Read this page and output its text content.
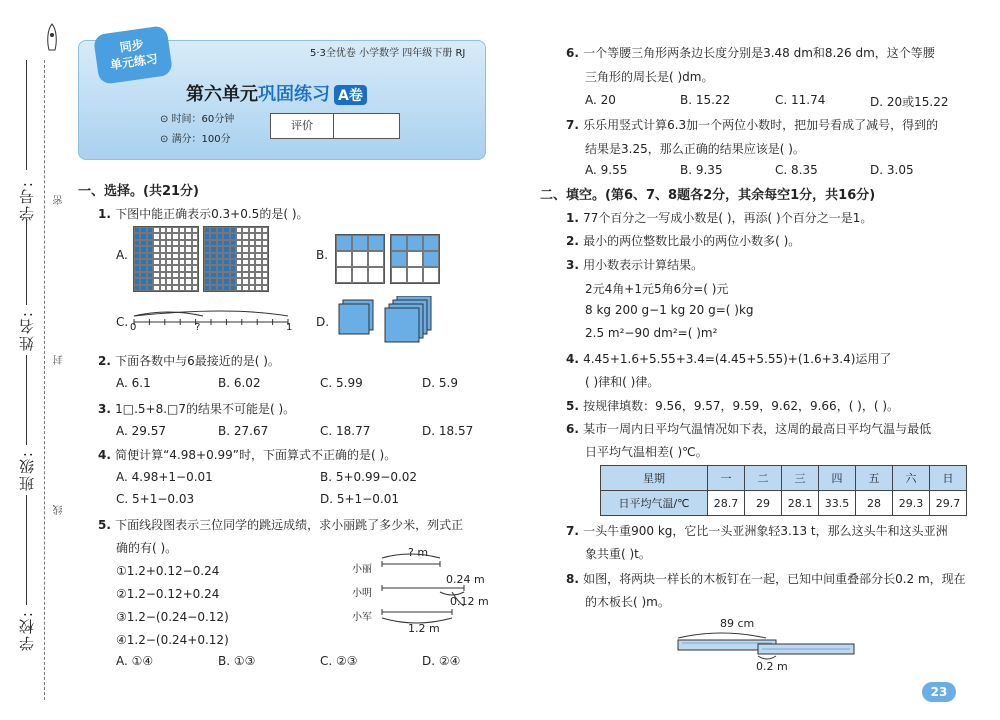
学号:
姓名:
班级:
学校:
密
封
线
同步
单元练习	5·3全优卷 小学数学 四年级下册 RJ
第六单元巩固练习 A卷
⊙ 时间：60分钟
⊙ 满分：100分
评价
一、选择。(共21分)
1. 下图中能正确表示0.3+0.5的是( )。
A.	B.
C. 0	?	1 D.
2. 下面各数中与6最接近的是( )。
A. 6.1	B. 6.02	C. 5.99	D. 5.9
3. 1□.5+8.□7的结果不可能是( )。
A. 29.57	B. 27.67	C. 18.77	D. 18.57
4. 简便计算“4.98+0.99”时，下面算式不正确的是( )。
A. 4.98+1−0.01	B. 5+0.99−0.02
C. 5+1−0.03	D. 5+1−0.01
5. 下面线段图表示三位同学的跳远成绩，求小丽跳了多少米，列式正
确的有( )。
①1.2+0.12−0.24
②1.2−0.12+0.24
③1.2−(0.24−0.12)
④1.2−(0.24+0.12)
小丽
小明
小军
? m
0.24 m
0.12 m
1.2 m
A. ①④	B. ①③	C. ②③	D. ②④
6. 一个等腰三角形两条边长度分别是3.48 dm和8.26 dm，这个等腰
三角形的周长是( )dm。
A. 20	B. 15.22	C. 11.74	D. 20或15.22
7. 乐乐用竖式计算6.3加一个两位小数时，把加号看成了减号，得到的
结果是3.25，那么正确的结果应该是( )。
A. 9.55	B. 9.35	C. 8.35	D. 3.05
二、填空。(第6、7、8题各2分，其余每空1分，共16分)
1. 77个百分之一写成小数是( )，再添( )个百分之一是1。
2. 最小的两位整数比最小的两位小数多( )。
3. 用小数表示计算结果。
2元4角+1元5角6分=( )元
8 kg 200 g−1 kg 20 g=( )kg
2.5 m²−90 dm²=( )m²
4. 4.45+1.6+5.55+3.4=(4.45+5.55)+(1.6+3.4)运用了
( )律和( )律。
5. 按规律填数：9.56，9.57，9.59，9.62，9.66，( )，( )。
6. 某市一周内日平均气温情况如下表，这周的最高日平均气温与最低
日平均气温相差( )℃。
星期	一	二	三	四	五	六	日
日平均气温/℃	28.7	29	28.1	33.5	28	29.3	29.7
7. 一头牛重900 kg，它比一头亚洲象轻3.13 t，那么这头牛和这头亚洲
象共重( )t。
8. 如图，将两块一样长的木板钉在一起，已知中间重叠部分长0.2 m，现在
的木板长( )m。
89 cm
0.2 m
23
